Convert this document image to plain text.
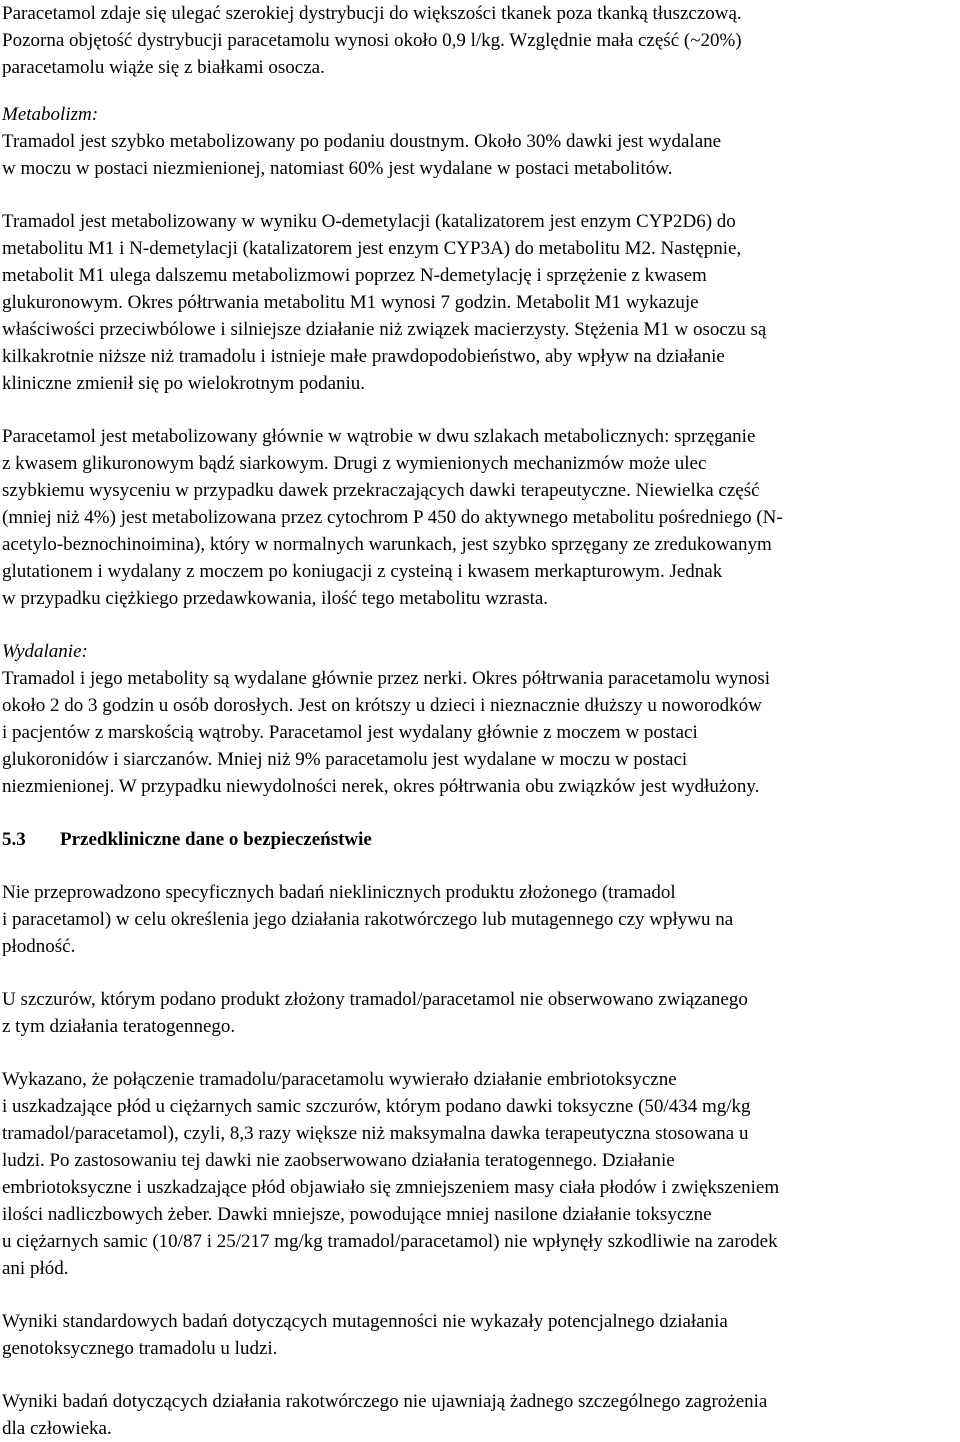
Paracetamol zdaje się ulegać szerokiej dystrybucji do większości tkanek poza tkanką tłuszczową.
Pozorna objętość dystrybucji paracetamolu wynosi około 0,9 l/kg. Względnie mała część (~20%)
paracetamolu wiąże się z białkami osocza.
Metabolizm:
Tramadol jest szybko metabolizowany po podaniu doustnym. Około 30% dawki jest wydalane
w moczu w postaci niezmienionej, natomiast 60% jest wydalane w postaci metabolitów.
Tramadol jest metabolizowany w wyniku O-demetylacji (katalizatorem jest enzym CYP2D6) do
metabolitu M1 i N-demetylacji (katalizatorem jest enzym CYP3A) do metabolitu M2. Następnie,
metabolit M1 ulega dalszemu metabolizmowi poprzez N-demetylację i sprzężenie z kwasem
glukuronowym. Okres półtrwania metabolitu M1 wynosi 7 godzin. Metabolit M1 wykazuje
właściwości przeciwbólowe i silniejsze działanie niż związek macierzysty. Stężenia M1 w osoczu są
kilkakrotnie niższe niż tramadolu i istnieje małe prawdopodobieństwo, aby wpływ na działanie
kliniczne zmienił się po wielokrotnym podaniu.
Paracetamol jest metabolizowany głównie w wątrobie w dwu szlakach metabolicznych: sprzęganie
z kwasem glikuronowym bądź siarkowym. Drugi z wymienionych mechanizmów może ulec
szybkiemu wysyceniu w przypadku dawek przekraczających dawki terapeutyczne. Niewielka część
(mniej niż 4%) jest metabolizowana przez cytochrom P 450 do aktywnego metabolitu pośredniego (N-
acetylo-beznochinoimina), który w normalnych warunkach, jest szybko sprzęgany ze zredukowanym
glutationem i wydalany z moczem po koniugacji z cysteiną i kwasem merkapturowym. Jednak
w przypadku ciężkiego przedawkowania, ilość tego metabolitu wzrasta.
Wydalanie:
Tramadol i jego metabolity są wydalane głównie przez nerki. Okres półtrwania paracetamolu wynosi
około 2 do 3 godzin u osób dorosłych. Jest on krótszy u dzieci i nieznacznie dłuższy u noworodków
i pacjentów z marskością wątroby. Paracetamol jest wydalany głównie z moczem w postaci
glukoronidów i siarczanów. Mniej niż 9% paracetamolu jest wydalane w moczu w postaci
niezmienionej. W przypadku niewydolności nerek, okres półtrwania obu związków jest wydłużony.
5.3 Przedkliniczne dane o bezpieczeństwie
Nie przeprowadzono specyficznych badań nieklinicznych produktu złożonego (tramadol
i paracetamol) w celu określenia jego działania rakotwórczego lub mutagennego czy wpływu na
płodność.
U szczurów, którym podano produkt złożony tramadol/paracetamol nie obserwowano związanego
z tym działania teratogennego.
Wykazano, że połączenie tramadolu/paracetamolu wywierało działanie embriotoksyczne
i uszkadzające płód u ciężarnych samic szczurów, którym podano dawki toksyczne (50/434 mg/kg
tramadol/paracetamol), czyli, 8,3 razy większe niż maksymalna dawka terapeutyczna stosowana u
ludzi. Po zastosowaniu tej dawki nie zaobserwowano działania teratogennego. Działanie
embriotoksyczne i uszkadzające płód objawiało się zmniejszeniem masy ciała płodów i zwiększeniem
ilości nadliczbowych żeber. Dawki mniejsze, powodujące mniej nasilone działanie toksyczne
u ciężarnych samic (10/87 i 25/217 mg/kg tramadol/paracetamol) nie wpłynęły szkodliwie na zarodek
ani płód.
Wyniki standardowych badań dotyczących mutagenności nie wykazały potencjalnego działania
genotoksycznego tramadolu u ludzi.
Wyniki badań dotyczących działania rakotwórczego nie ujawniają żadnego szczególnego zagrożenia
dla człowieka.
